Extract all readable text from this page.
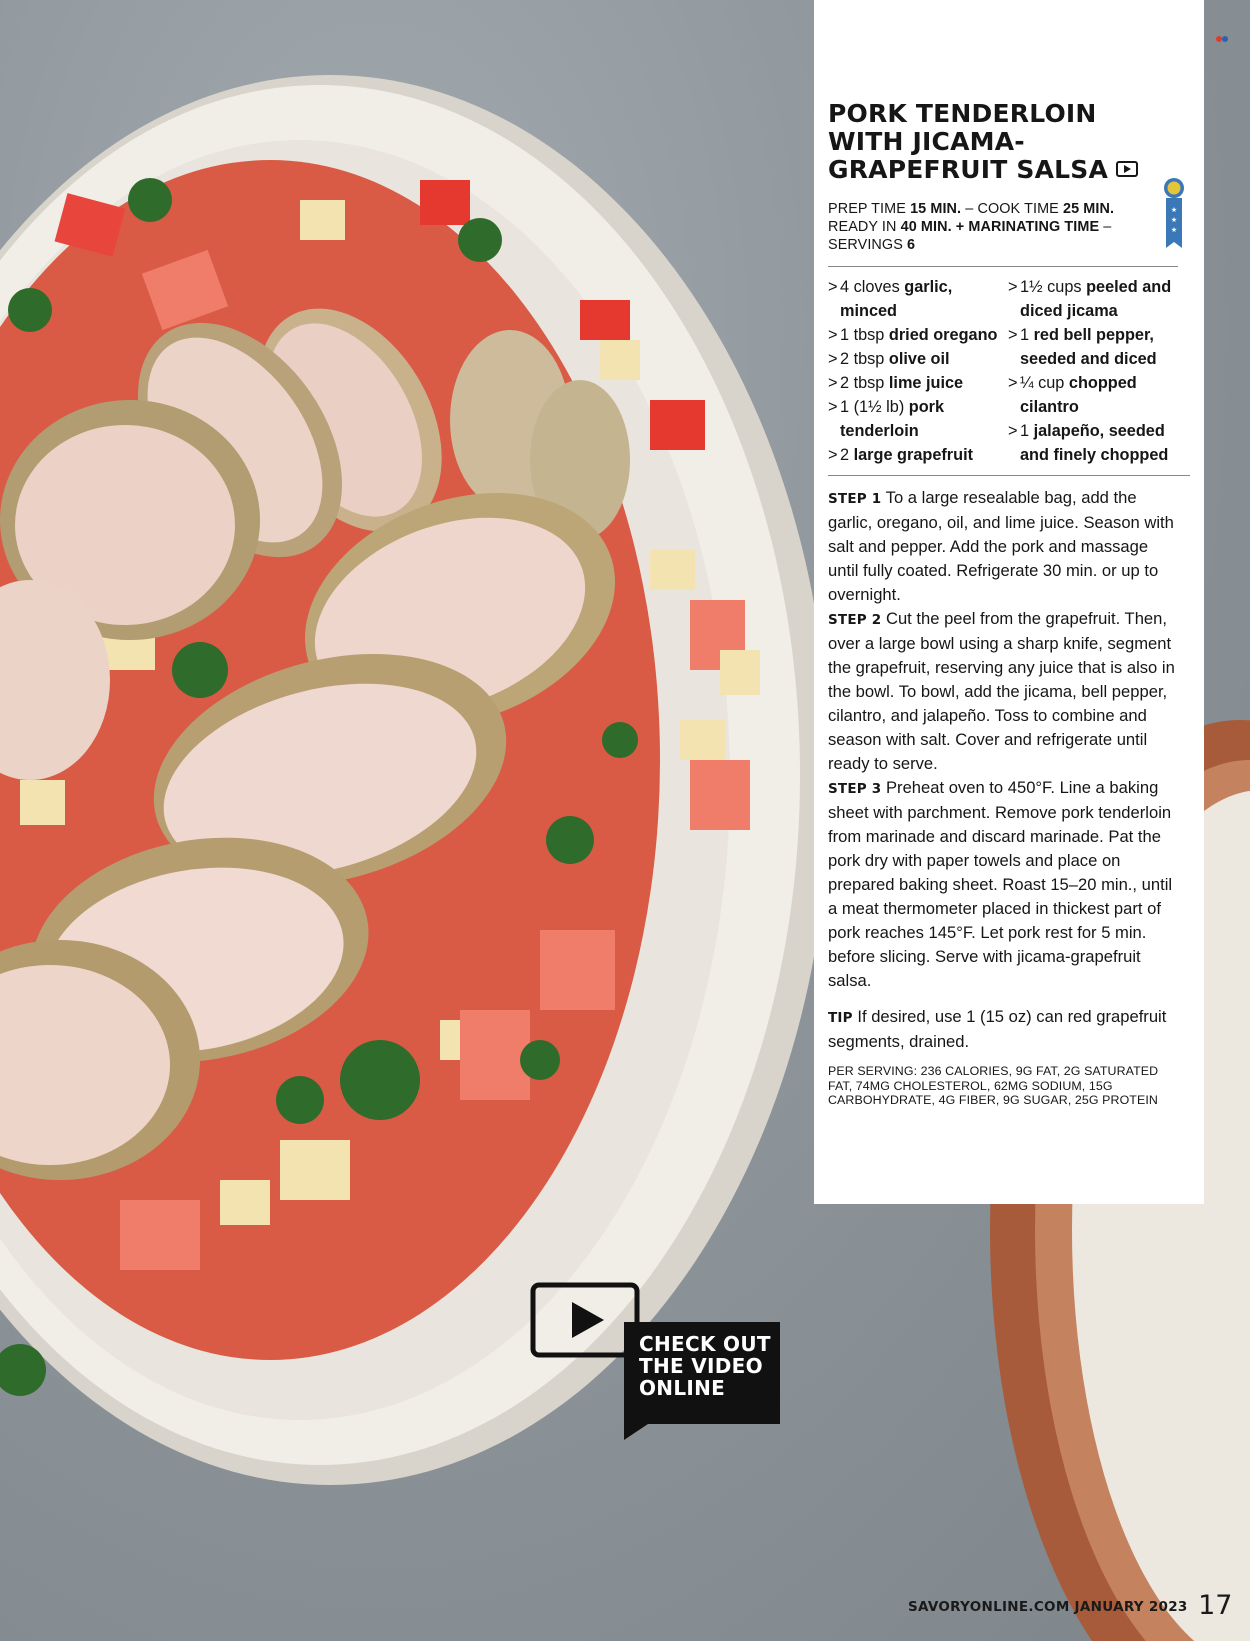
PORK TENDERLOIN
WITH JICAMA-
GRAPEFRUIT SALSA
★
★
★
PREP TIME 15 MIN. – COOK TIME 25 MIN.
READY IN 40 MIN. + MARINATING TIME – SERVINGS 6
> 4 cloves garlic, minced
> 1 tbsp dried oregano
> 2 tbsp olive oil
> 2 tbsp lime juice
> 1 (1½ lb) pork tenderloin
> 2 large grapefruit
> 1½ cups peeled and diced jicama
> 1 red bell pepper, seeded and diced
> ¼ cup chopped cilantro
> 1 jalapeño, seeded and finely chopped

STEP 1 To a large resealable bag, add the garlic, oregano, oil, and lime juice. Season with salt and pepper. Add the pork and massage until fully coated. Refrigerate 30 min. or up to overnight.

STEP 2 Cut the peel from the grapefruit. Then, over a large bowl using a sharp knife, segment the grapefruit, reserving any juice that is also in the bowl. To bowl, add the jicama, bell pepper, cilantro, and jalapeño. Toss to combine and season with salt. Cover and refrigerate until ready to serve.

STEP 3 Preheat oven to 450°F. Line a baking sheet with parchment. Remove pork tenderloin from marinade and discard marinade. Pat the pork dry with paper towels and place on prepared baking sheet. Roast 15–20 min., until a meat thermometer placed in thickest part of pork reaches 145°F. Let pork rest for 5 min. before slicing. Serve with jicama-grapefruit salsa.

TIP If desired, use 1 (15 oz) can red grapefruit segments, drained.

PER SERVING: 236 CALORIES, 9G FAT, 2G SATURATED FAT, 74MG CHOLESTEROL, 62MG SODIUM, 15G CARBOHYDRATE, 4G FIBER, 9G SUGAR, 25G PROTEIN

CHECK OUT
THE VIDEO
ONLINE
SAVORYONLINE.COM JANUARY 2023 17
